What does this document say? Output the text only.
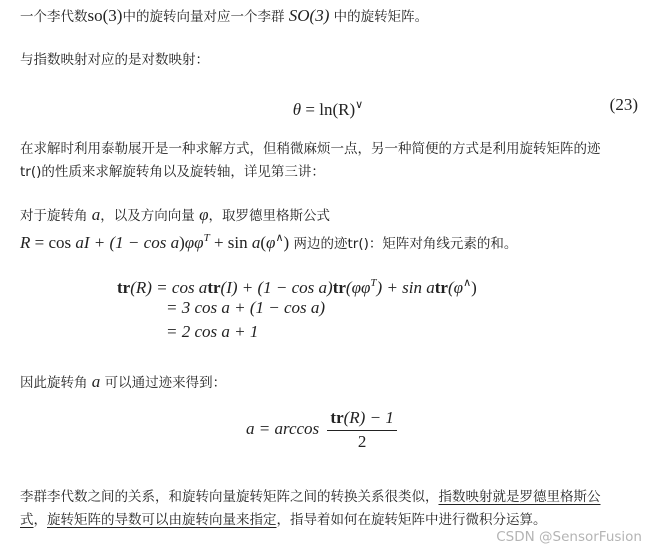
一个李代数so(3)中的旋转向量对应一个李群 SO(3) 中的旋转矩阵。
与指数映射对应的是对数映射：
θ = ln(R)∨	(23)
在求解时利用泰勒展开是一种求解方式，但稍微麻烦一点，另一种简便的方式是利用旋转矩阵的迹
tr()的性质来求解旋转角以及旋转轴，详见第三讲：
对于旋转角 a，以及方向向量 φ，取罗德里格斯公式
R = cos aI + $(1 - \cos a)\varphi\varphi^T + \sin a(\varphi^\wedge)$ 两边的迹tr()：矩阵对角线元素的和。
$tr(R) = \cos atr(I) + (1 - \cos a)tr(\varphi\varphi^T) + \sin atr(\varphi^\wedge)$
= 3 cos a + (1 − cos a)
= 2 cos a + 1
因此旋转角 a 可以通过迹来得到：
$a = \arccos \frac{tr(R) - 1}{2}$
李群李代数之间的关系，和旋转向量旋转矩阵之间的转换关系很类似，指数映射就是罗德里格斯公
式，旋转矩阵的导数可以由旋转向量来指定，指导着如何在旋转矩阵中进行微积分运算。
CSDN @SensorFusion
